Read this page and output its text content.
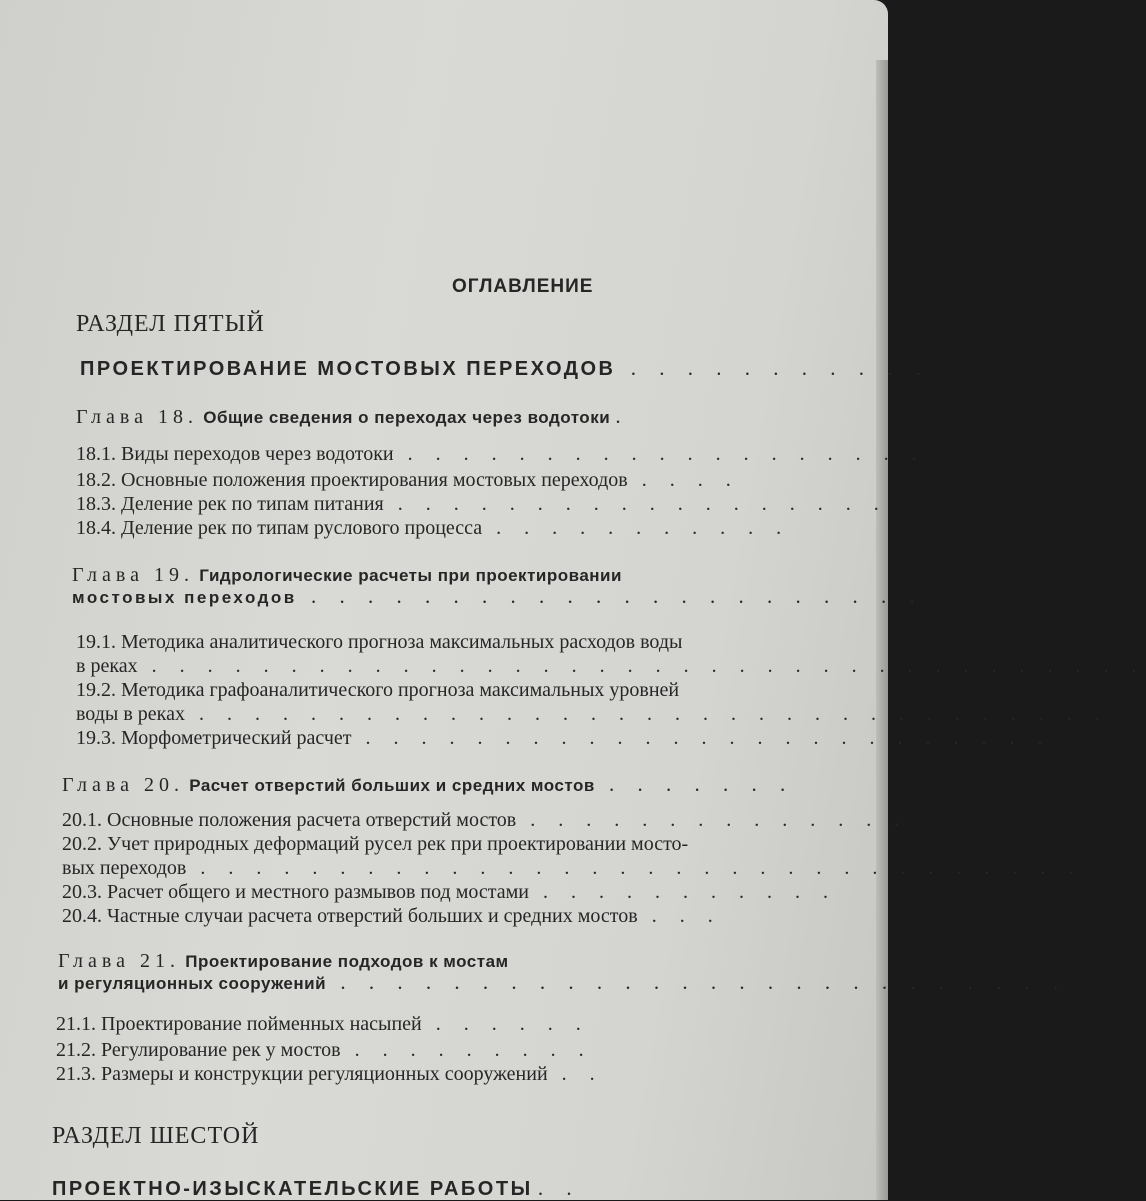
ОГЛАВЛЕНИЕ
РАЗДЕЛ ПЯТЫЙ
ПРОЕКТИРОВАНИЕ МОСТОВЫХ ПЕРЕХОДОВ . . . . . . . . . . .
Глава 18. Общие сведения о переходах через водотоки .
18.1. Виды переходов через водотоки . . . . . . . . . . . . . . . . . . .
18.2. Основные положения проектирования мостовых переходов . . . .
18.3. Деление рек по типам питания . . . . . . . . . . . . . . . . . .
18.4. Деление рек по типам руслового процесса . . . . . . . . . . .
Глава 19. Гидрологические расчеты при проектировании
мостовых переходов . . . . . . . . . . . . . . . . . . . . . .
19.1. Методика аналитического прогноза максимальных расходов воды
в реках . . . . . . . . . . . . . . . . . . . . . . . . . . . . . . . . . . . .
19.2. Методика графоаналитического прогноза максимальных уровней
воды в реках . . . . . . . . . . . . . . . . . . . . . . . . . . . . . . . . .
19.3. Морфометрический расчет . . . . . . . . . . . . . . . . . . . . . . . . .
Глава 20. Расчет отверстий больших и средних мостов . . . . . . .
20.1. Основные положения расчета отверстий мостов . . . . . . . . . . . . . .
20.2. Учет природных деформаций русел рек при проектировании мосто-
вых переходов . . . . . . . . . . . . . . . . . . . . . . . . . . . . . . . .
20.3. Расчет общего и местного размывов под мостами . . . . . . . . . . .
20.4. Частные случаи расчета отверстий больших и средних мостов . . .
Глава 21. Проектирование подходов к мостам
и регуляционных сооружений . . . . . . . . . . . . . . . . . . . . . . . . . .
21.1. Проектирование пойменных насыпей . . . . . .
21.2. Регулирование рек у мостов . . . . . . . . .
21.3. Размеры и конструкции регуляционных сооружений . .
РАЗДЕЛ ШЕСТОЙ
ПРОЕКТНО-ИЗЫСКАТЕЛЬСКИЕ РАБОТЫ . .
